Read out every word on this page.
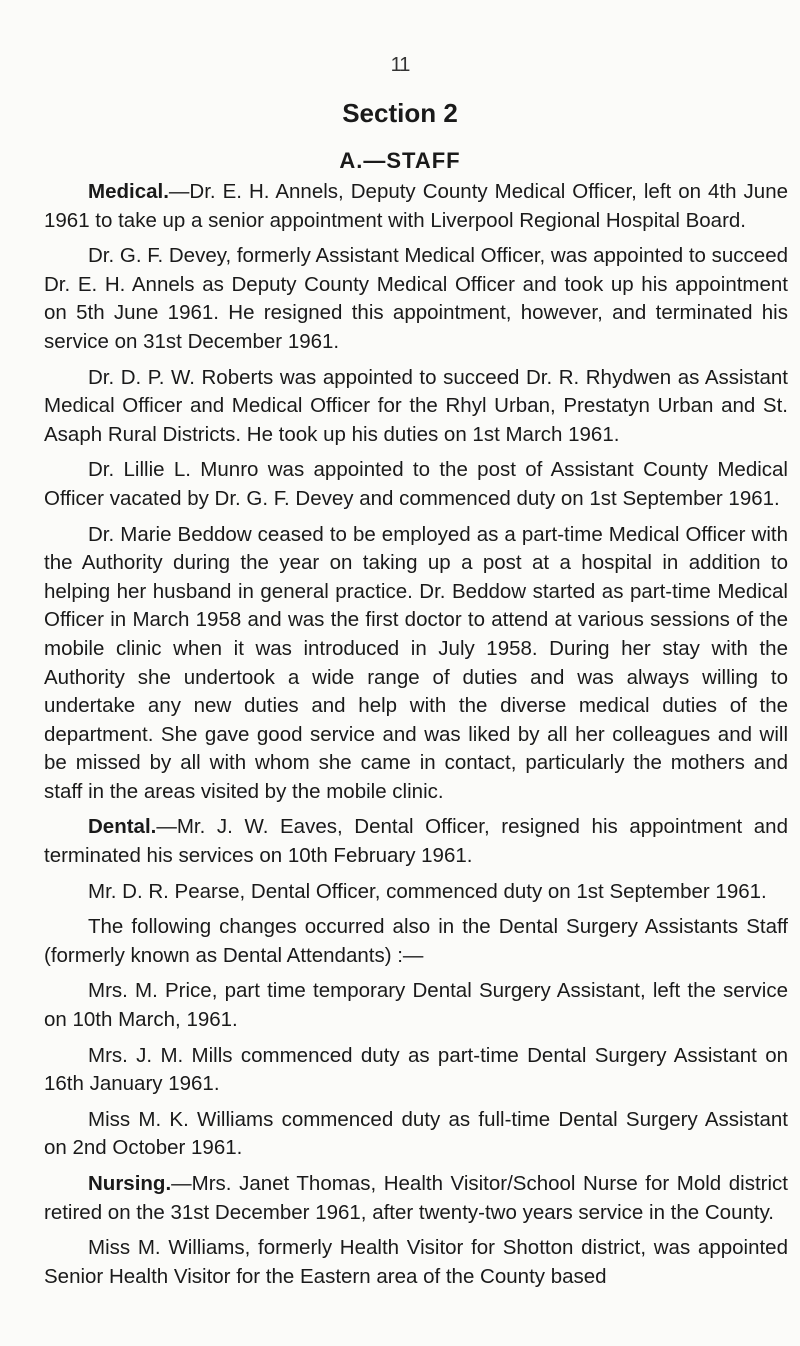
11
Section 2
A.—STAFF

Medical.—Dr. E. H. Annels, Deputy County Medical Officer, left on 4th June 1961 to take up a senior appointment with Liverpool Regional Hospital Board.

Dr. G. F. Devey, formerly Assistant Medical Officer, was appointed to succeed Dr. E. H. Annels as Deputy County Medical Officer and took up his appointment on 5th June 1961. He resigned this appointment, however, and terminated his service on 31st December 1961.

Dr. D. P. W. Roberts was appointed to succeed Dr. R. Rhydwen as Assistant Medical Officer and Medical Officer for the Rhyl Urban, Prestatyn Urban and St. Asaph Rural Districts. He took up his duties on 1st March 1961.

Dr. Lillie L. Munro was appointed to the post of Assistant County Medical Officer vacated by Dr. G. F. Devey and commenced duty on 1st September 1961.

Dr. Marie Beddow ceased to be employed as a part-time Medical Officer with the Authority during the year on taking up a post at a hospital in addition to helping her husband in general practice. Dr. Beddow started as part-time Medical Officer in March 1958 and was the first doctor to attend at various sessions of the mobile clinic when it was introduced in July 1958. During her stay with the Authority she undertook a wide range of duties and was always willing to undertake any new duties and help with the diverse medical duties of the department. She gave good service and was liked by all her colleagues and will be missed by all with whom she came in contact, particularly the mothers and staff in the areas visited by the mobile clinic.

Dental.—Mr. J. W. Eaves, Dental Officer, resigned his appointment and terminated his services on 10th February 1961.

Mr. D. R. Pearse, Dental Officer, commenced duty on 1st September 1961.

The following changes occurred also in the Dental Surgery Assistants Staff (formerly known as Dental Attendants) :—

Mrs. M. Price, part time temporary Dental Surgery Assistant, left the service on 10th March, 1961.

Mrs. J. M. Mills commenced duty as part-time Dental Surgery Assistant on 16th January 1961.

Miss M. K. Williams commenced duty as full-time Dental Surgery Assistant on 2nd October 1961.

Nursing.—Mrs. Janet Thomas, Health Visitor/School Nurse for Mold district retired on the 31st December 1961, after twenty-two years service in the County.

Miss M. Williams, formerly Health Visitor for Shotton district, was appointed Senior Health Visitor for the Eastern area of the County based
